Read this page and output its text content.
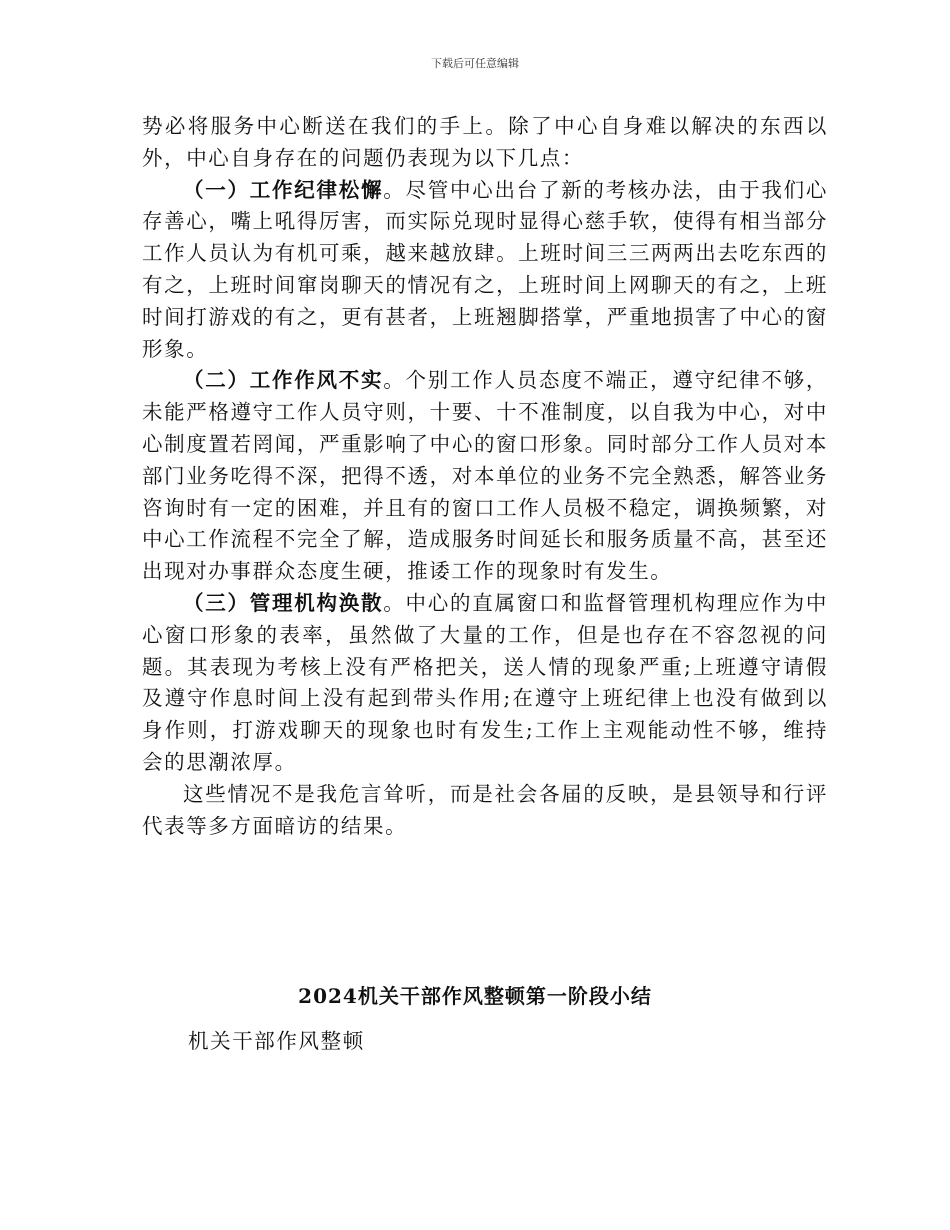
下载后可任意编辑

势必将服务中心断送在我们的手上。除了中心自身难以解决的东西以外，中心自身存在的问题仍表现为以下几点：

（一）工作纪律松懈。尽管中心出台了新的考核办法，由于我们心存善心，嘴上吼得厉害，而实际兑现时显得心慈手软，使得有相当部分工作人员认为有机可乘，越来越放肆。上班时间三三两两出去吃东西的有之，上班时间窜岗聊天的情况有之，上班时间上网聊天的有之，上班时间打游戏的有之，更有甚者，上班翘脚搭掌，严重地损害了中心的窗形象。

（二）工作作风不实。个别工作人员态度不端正，遵守纪律不够，未能严格遵守工作人员守则，十要、十不准制度，以自我为中心，对中心制度置若罔闻，严重影响了中心的窗口形象。同时部分工作人员对本部门业务吃得不深，把得不透，对本单位的业务不完全熟悉，解答业务咨询时有一定的困难，并且有的窗口工作人员极不稳定，调换频繁，对中心工作流程不完全了解，造成服务时间延长和服务质量不高，甚至还出现对办事群众态度生硬，推诿工作的现象时有发生。

（三）管理机构涣散。中心的直属窗口和监督管理机构理应作为中心窗口形象的表率，虽然做了大量的工作，但是也存在不容忽视的问题。其表现为考核上没有严格把关，送人情的现象严重;上班遵守请假及遵守作息时间上没有起到带头作用;在遵守上班纪律上也没有做到以身作则，打游戏聊天的现象也时有发生;工作上主观能动性不够，维持会的思潮浓厚。

这些情况不是我危言耸听，而是社会各届的反映，是县领导和行评代表等多方面暗访的结果。

2024机关干部作风整顿第一阶段小结
机关干部作风整顿
